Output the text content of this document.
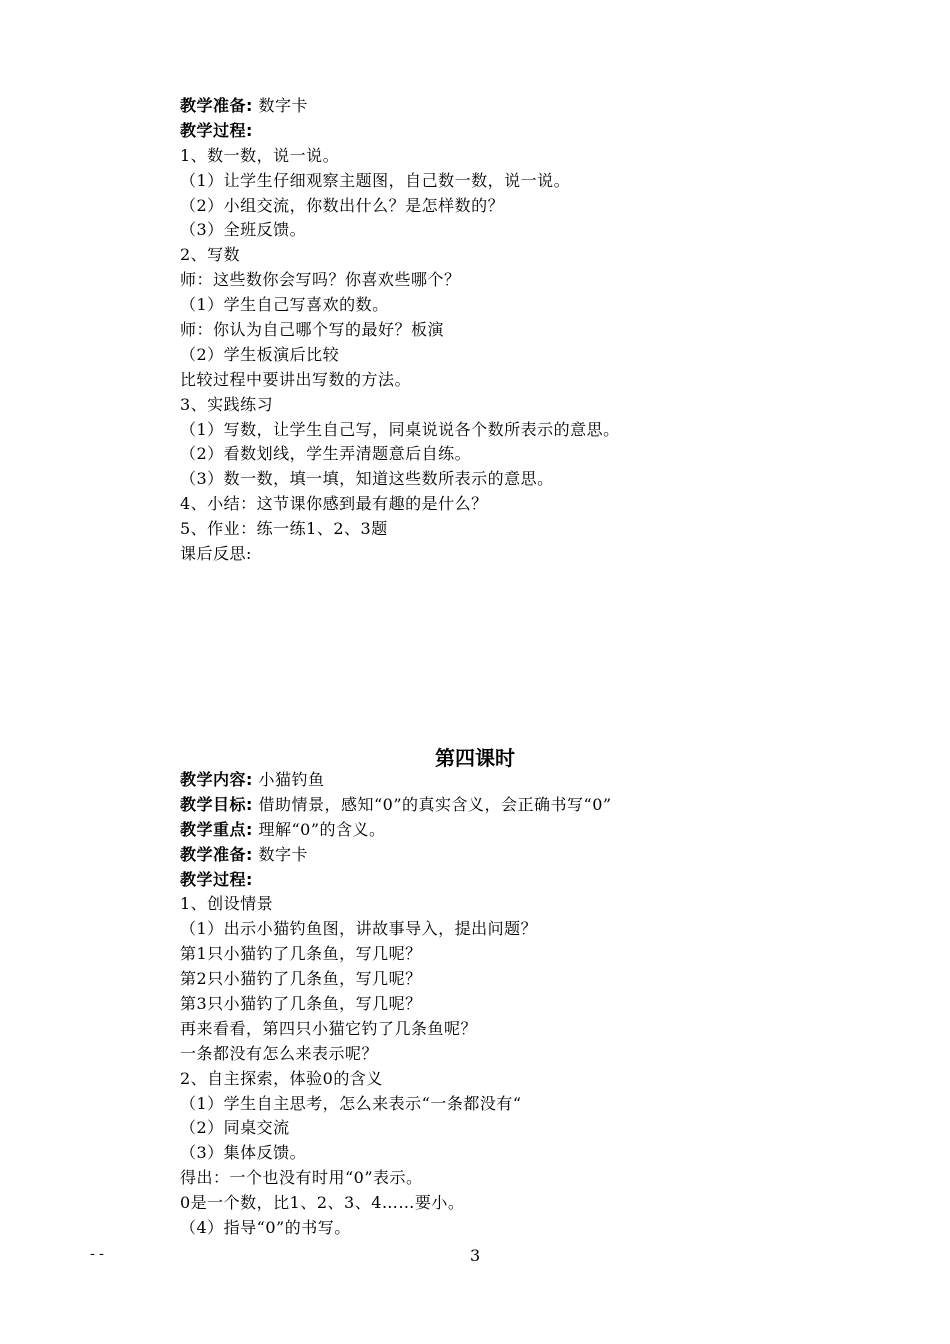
教学准备: 数字卡
教学过程:
1、数一数，说一说。
（1）让学生仔细观察主题图，自己数一数，说一说。
（2）小组交流，你数出什么？是怎样数的？
（3）全班反馈。
2、写数
师：这些数你会写吗？你喜欢些哪个？
（1）学生自己写喜欢的数。
师：你认为自己哪个写的最好？板演
（2）学生板演后比较
比较过程中要讲出写数的方法。
3、实践练习
（1）写数，让学生自己写，同桌说说各个数所表示的意思。
（2）看数划线，学生弄清题意后自练。
（3）数一数，填一填，知道这些数所表示的意思。
4、小结：这节课你感到最有趣的是什么？
5、作业：练一练1、2、3题
课后反思:
第四课时
教学内容: 小猫钓鱼
教学目标: 借助情景，感知“0”的真实含义，会正确书写“0”
教学重点: 理解“0”的含义。
教学准备: 数字卡
教学过程:
1、创设情景
（1）出示小猫钓鱼图，讲故事导入，提出问题？
第1只小猫钓了几条鱼，写几呢？
第2只小猫钓了几条鱼，写几呢？
第3只小猫钓了几条鱼，写几呢？
再来看看，第四只小猫它钓了几条鱼呢？
一条都没有怎么来表示呢？
2、自主探索，体验0的含义
（1）学生自主思考，怎么来表示“一条都没有“
（2）同桌交流
（3）集体反馈。
得出：一个也没有时用“0”表示。
0是一个数，比1、2、3、4……要小。
（4）指导“0”的书写。
- -	3
